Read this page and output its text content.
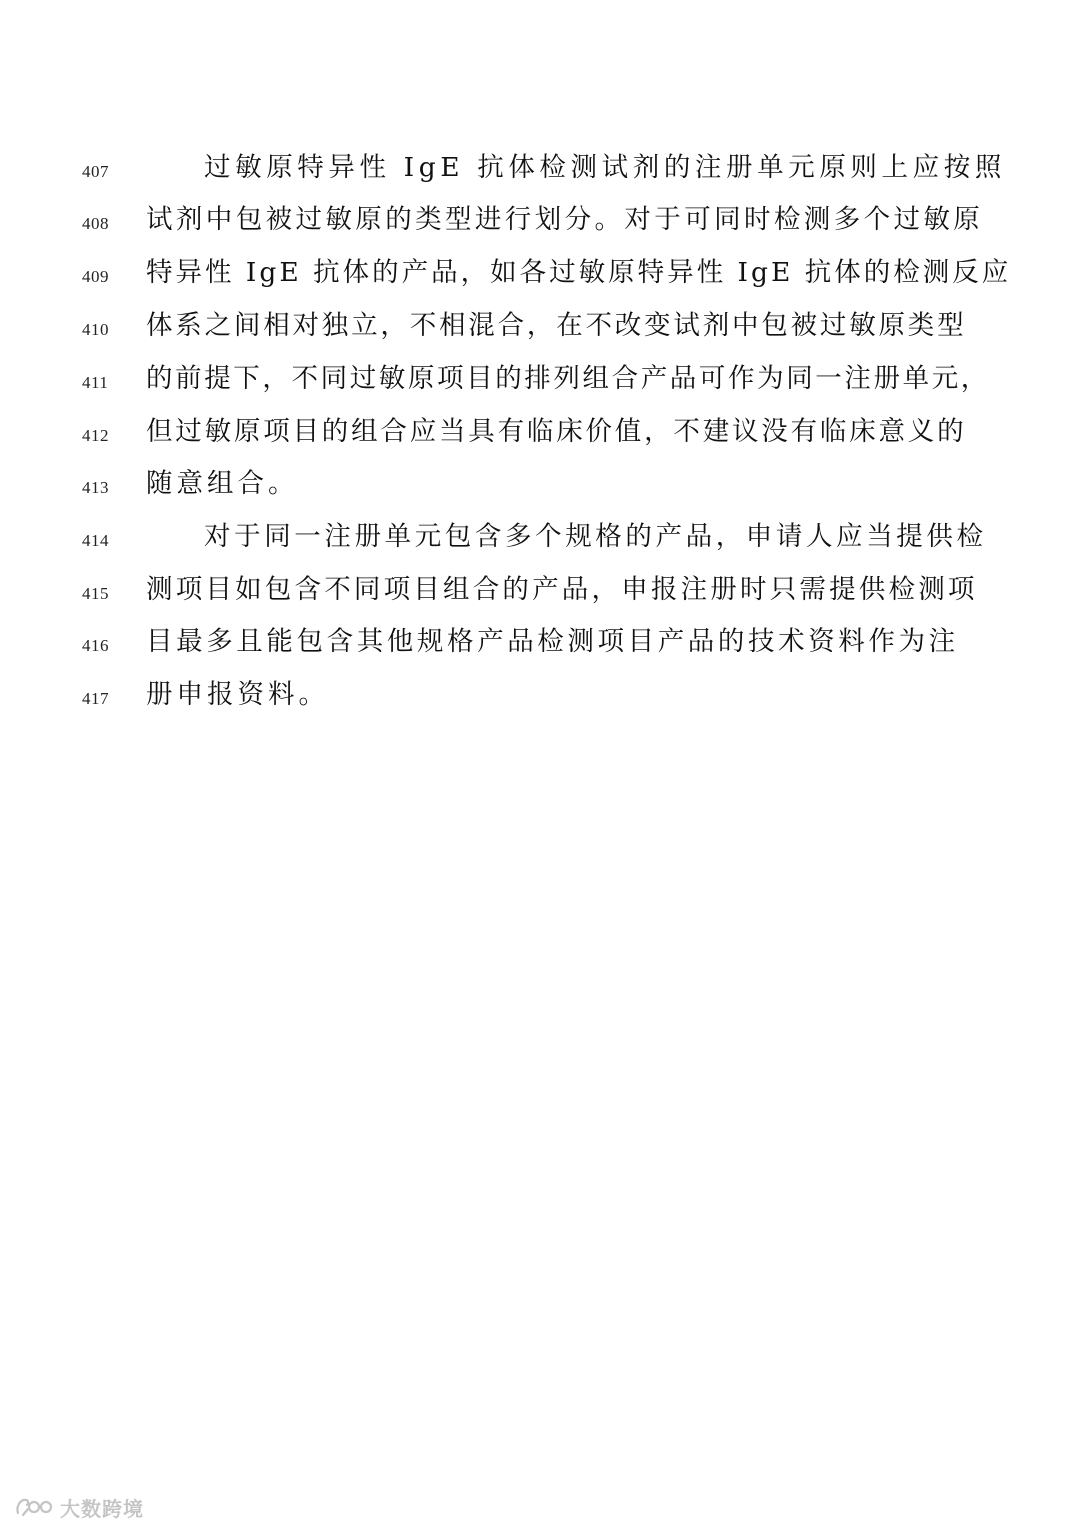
407	过敏原特异性 IgE 抗体检测试剂的注册单元原则上应按照
408	试剂中包被过敏原的类型进行划分。对于可同时检测多个过敏原
409	特异性 IgE 抗体的产品，如各过敏原特异性 IgE 抗体的检测反应
410	体系之间相对独立，不相混合，在不改变试剂中包被过敏原类型
411	的前提下，不同过敏原项目的排列组合产品可作为同一注册单元，
412	但过敏原项目的组合应当具有临床价值，不建议没有临床意义的
413	随意组合。
414	对于同一注册单元包含多个规格的产品，申请人应当提供检
415	测项目如包含不同项目组合的产品，申报注册时只需提供检测项
416	目最多且能包含其他规格产品检测项目产品的技术资料作为注
417	册申报资料。
大数跨境
